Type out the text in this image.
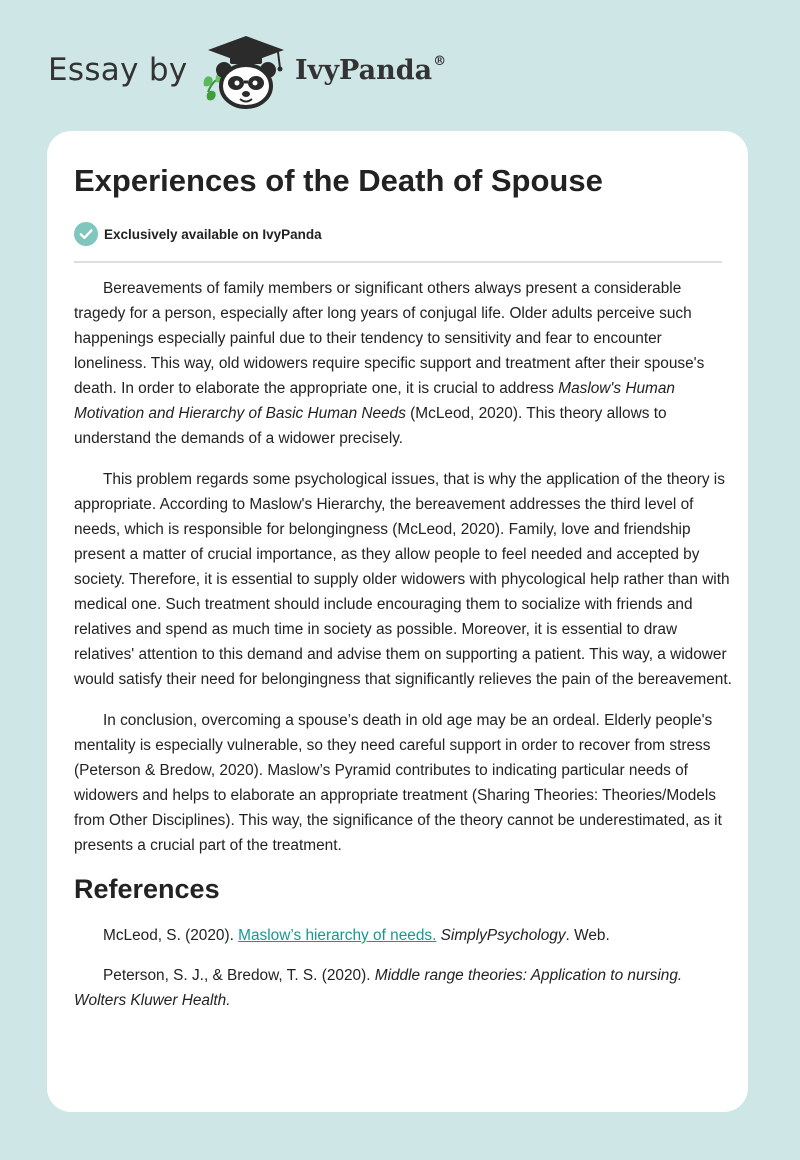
Essay by	IvyPanda®
Experiences of the Death of Spouse
Exclusively available on IvyPanda

Bereavements of family members or significant others always present a considerable tragedy for a person, especially after long years of conjugal life. Older adults perceive such happenings especially painful due to their tendency to sensitivity and fear to encounter loneliness. This way, old widowers require specific support and treatment after their spouse's death. In order to elaborate the appropriate one, it is crucial to address Maslow's Human Motivation and Hierarchy of Basic Human Needs (McLeod, 2020). This theory allows to understand the demands of a widower precisely.

This problem regards some psychological issues, that is why the application of the theory is appropriate. According to Maslow's Hierarchy, the bereavement addresses the third level of needs, which is responsible for belongingness (McLeod, 2020). Family, love and friendship present a matter of crucial importance, as they allow people to feel needed and accepted by society. Therefore, it is essential to supply older widowers with phycological help rather than with medical one. Such treatment should include encouraging them to socialize with friends and relatives and spend as much time in society as possible. Moreover, it is essential to draw relatives' attention to this demand and advise them on supporting a patient. This way, a widower would satisfy their need for belongingness that significantly relieves the pain of the bereavement.

In conclusion, overcoming a spouse’s death in old age may be an ordeal. Elderly people's mentality is especially vulnerable, so they need careful support in order to recover from stress (Peterson & Bredow, 2020). Maslow’s Pyramid contributes to indicating particular needs of widowers and helps to elaborate an appropriate treatment (Sharing Theories: Theories/Models from Other Disciplines). This way, the significance of the theory cannot be underestimated, as it presents a crucial part of the treatment.

References

McLeod, S. (2020). Maslow’s hierarchy of needs. SimplyPsychology. Web.

Peterson, S. J., & Bredow, T. S. (2020). Middle range theories: Application to nursing. Wolters Kluwer Health.
